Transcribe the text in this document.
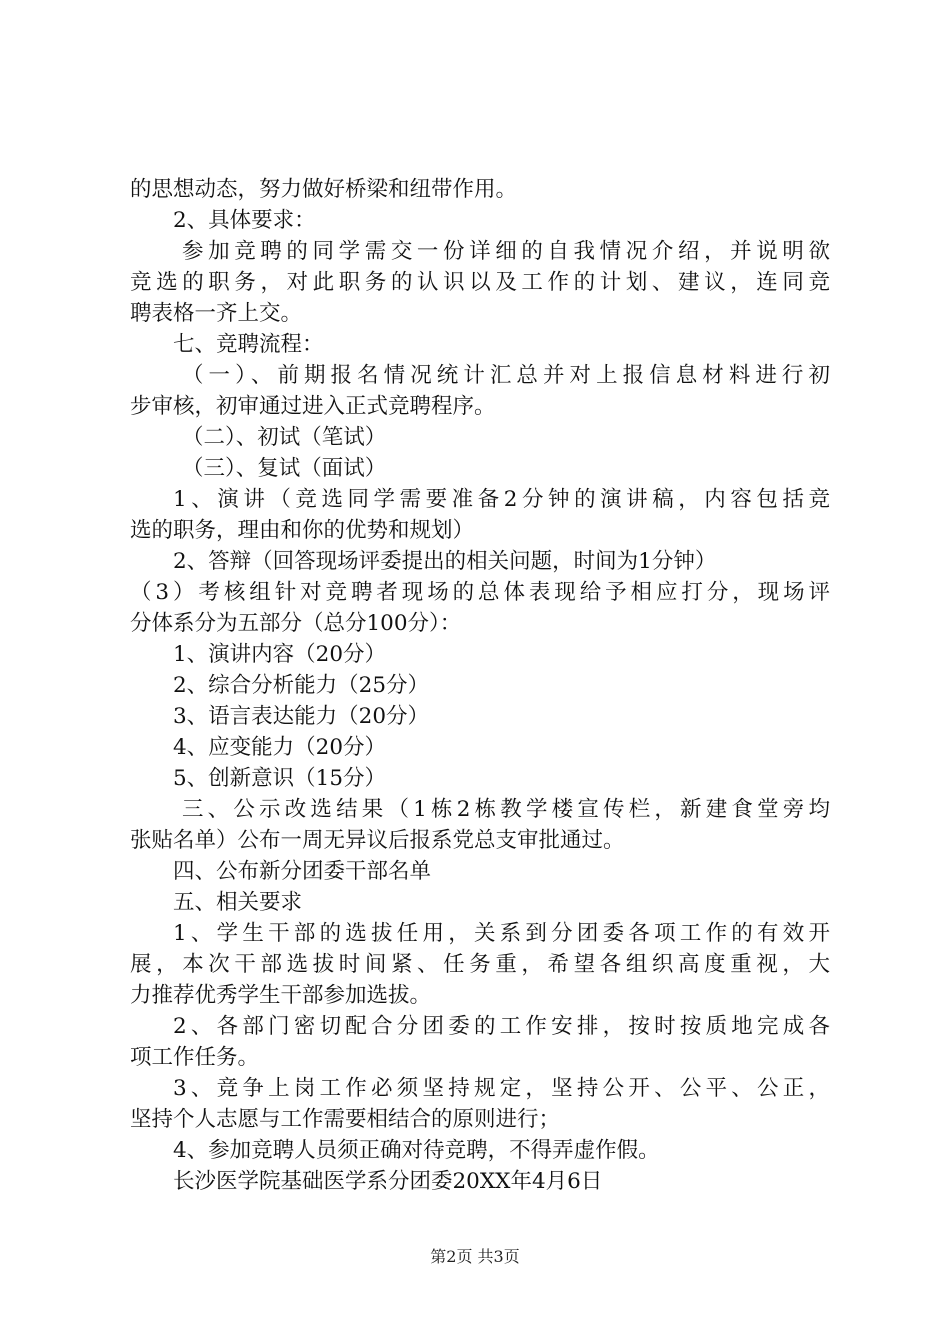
的思想动态，努力做好桥梁和纽带作用。
2、具体要求：
参加竞聘的同学需交一份详细的自我情况介绍，并说明欲
竞选的职务，对此职务的认识以及工作的计划、建议，连同竞
聘表格一齐上交。
七、竞聘流程：
（一）、前期报名情况统计汇总并对上报信息材料进行初
步审核，初审通过进入正式竞聘程序。
（二）、初试（笔试）
（三）、复试（面试）
1、演讲（竞选同学需要准备2分钟的演讲稿，内容包括竞
选的职务，理由和你的优势和规划）
2、答辩（回答现场评委提出的相关问题，时间为1分钟）
（3）考核组针对竞聘者现场的总体表现给予相应打分，现场评
分体系分为五部分（总分100分）：
1、演讲内容（20分）
2、综合分析能力（25分）
3、语言表达能力（20分）
4、应变能力（20分）
5、创新意识（15分）
三、公示改选结果（1栋2栋教学楼宣传栏，新建食堂旁均
张贴名单）公布一周无异议后报系党总支审批通过。
四、公布新分团委干部名单
五、相关要求
1、学生干部的选拔任用，关系到分团委各项工作的有效开
展，本次干部选拔时间紧、任务重，希望各组织高度重视，大
力推荐优秀学生干部参加选拔。
2、各部门密切配合分团委的工作安排，按时按质地完成各
项工作任务。
3、竞争上岗工作必须坚持规定，坚持公开、公平、公正，
坚持个人志愿与工作需要相结合的原则进行；
4、参加竞聘人员须正确对待竞聘，不得弄虚作假。
长沙医学院基础医学系分团委20XX年4月6日
第2页 共3页
